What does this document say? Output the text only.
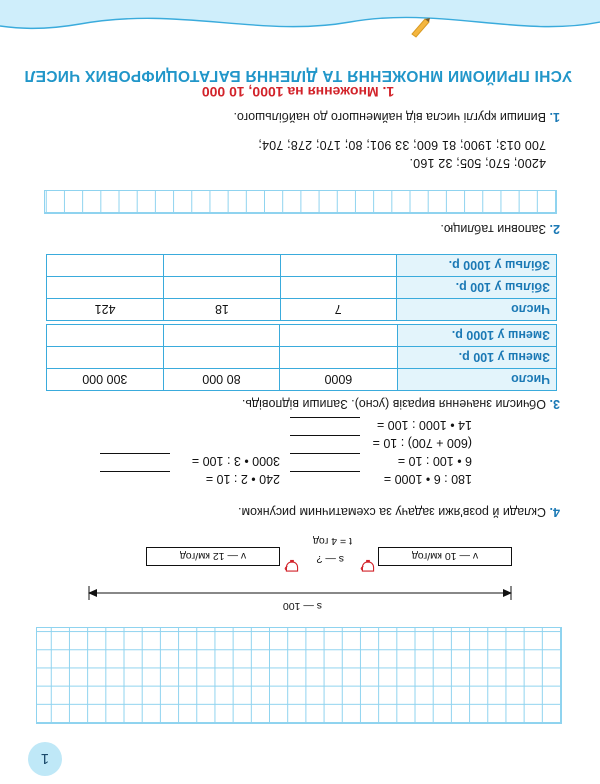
1
УСНІ ПРИЙОМИ МНОЖЕННЯ ТА ДІЛЕННЯ БАГАТОЦИФРОВИХ ЧИСЕЛ
1. Множення на 1000, 10 000
1.
Випиши круглі числа від найменшого до найбільшого.
700 013; 1900; 81 600; 33 901; 80; 170; 278; 704;
4200; 570; 505; 32 160.
2.
Заповни таблицю.
Число	7	18	421
Збільш у 100 р.			
Збільш у 1000 р.			
Число	6000	80 000	300 000
Зменш у 100 р.			
Зменш у 1000 р.			
3.
Обчисли значення виразів (усно). Запиши відповідь.
14 • 1000 : 100 =
(600 + 700) : 10 =
6 • 100 : 10 =
180 : 6 • 1000 =
3000 • 3 : 100 =
240 • 2 : 10 =
4.
Склади й розв'яжи задачу за схематичним рисунком.
v — 10 км/год
v — 12 км/год	s — ?
t = 4 год
s — 100
